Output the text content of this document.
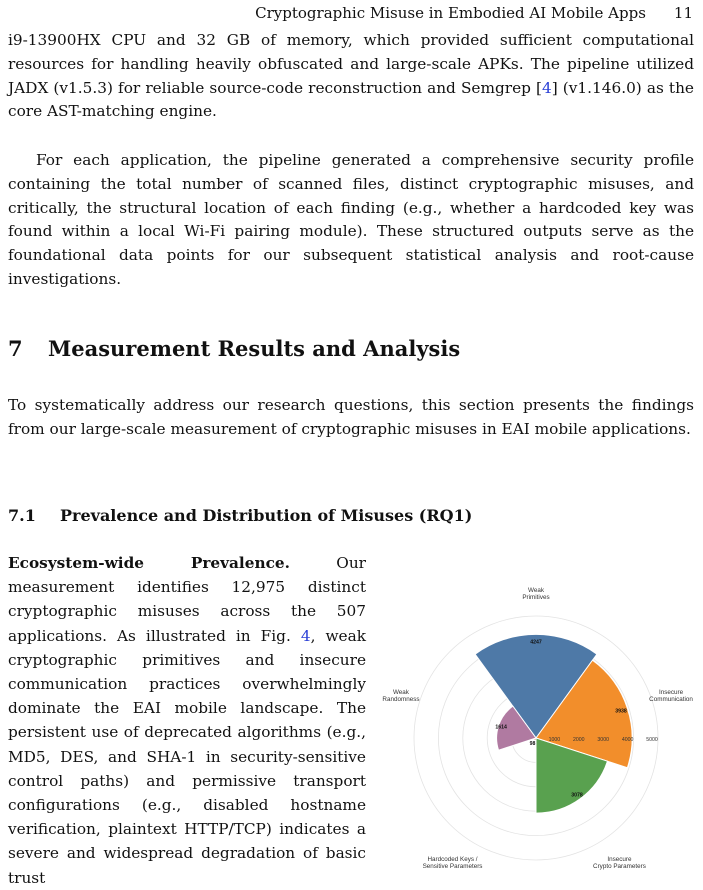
Cryptographic Misuse in Embodied AI Mobile Apps 11

i9-13900HX CPU and 32 GB of memory, which provided sufficient computational resources for handling heavily obfuscated and large-scale APKs. The pipeline utilized JADX (v1.5.3) for reliable source-code reconstruction and Semgrep [4] (v1.146.0) as the core AST-matching engine.

For each application, the pipeline generated a comprehensive security profile containing the total number of scanned files, distinct cryptographic misuses, and critically, the structural location of each finding (e.g., whether a hardcoded key was found within a local Wi-Fi pairing module). These structured outputs serve as the foundational data points for our subsequent statistical analysis and root-cause investigations.

7 Measurement Results and Analysis

To systematically address our research questions, this section presents the findings from our large-scale measurement of cryptographic misuses in EAI mobile applications.

7.1 Prevalence and Distribution of Misuses (RQ1)

Ecosystem-wide Prevalence. Our measurement identifies 12,975 distinct cryptographic misuses across the 507 applications. As illustrated in Fig. 4, weak cryptographic primitives and insecure communication practices overwhelmingly dominate the EAI mobile landscape. The persistent use of deprecated algorithms (e.g., MD5, DES, and SHA-1 in security-sensitive control paths) and permissive transport configurations (e.g., disabled hostname verification, plaintext HTTP/TCP) indicates a severe and widespread degradation of basic trust

1000 2000 3000 4000 5000
4247
3938
3078
98
1614
Weak
Primitives
Insecure
Communication
Insecure
Crypto Parameters
Hardcoded Keys /
Sensitive Parameters
Weak
Randomness
